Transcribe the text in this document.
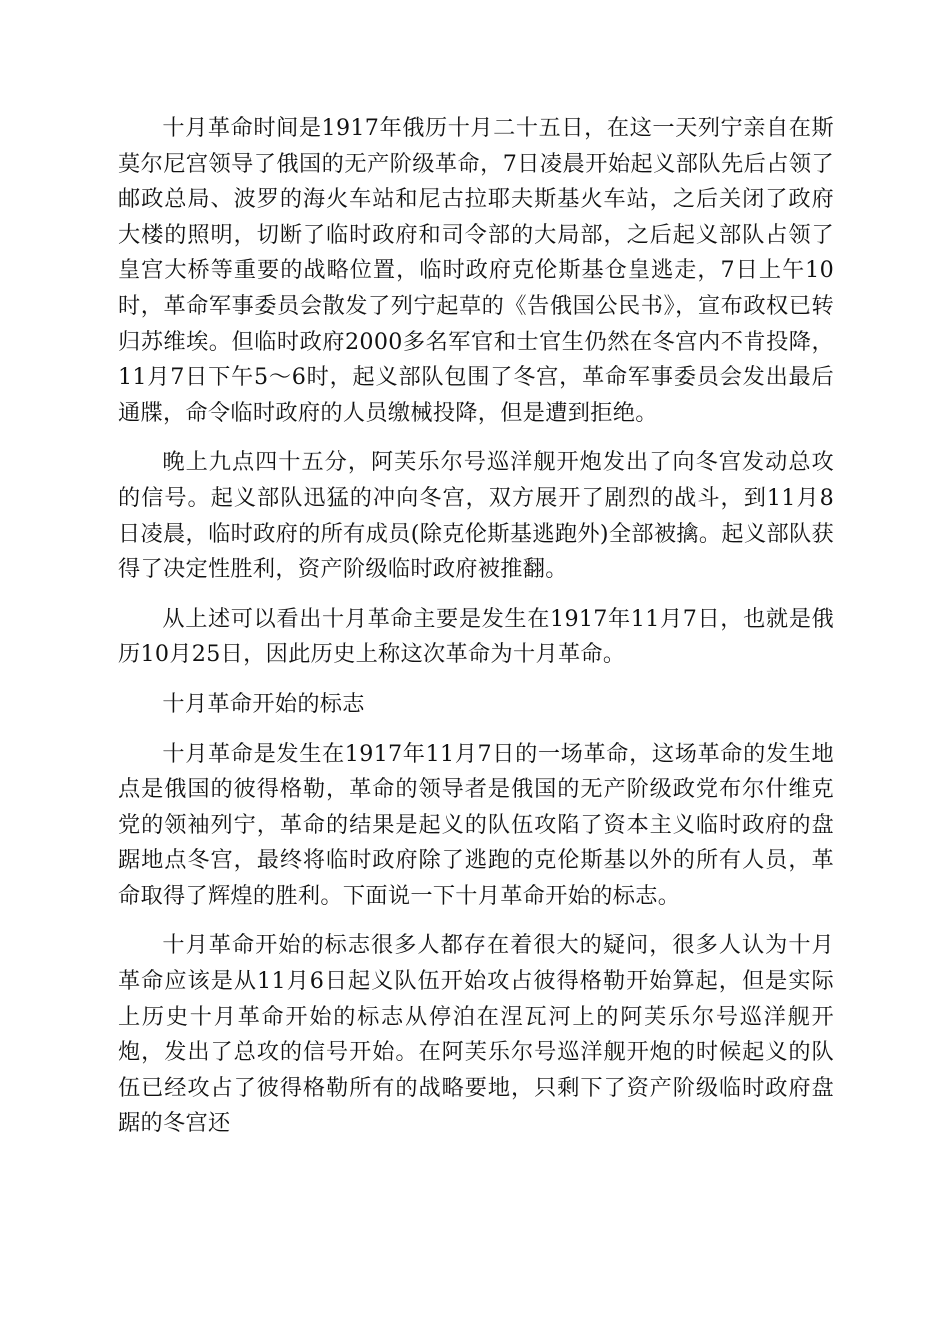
十月革命时间是1917年俄历十月二十五日，在这一天列宁亲自在斯莫尔尼宫领导了俄国的无产阶级革命，7日凌晨开始起义部队先后占领了邮政总局、波罗的海火车站和尼古拉耶夫斯基火车站，之后关闭了政府大楼的照明，切断了临时政府和司令部的大局部，之后起义部队占领了皇宫大桥等重要的战略位置，临时政府克伦斯基仓皇逃走，7日上午10时，革命军事委员会散发了列宁起草的《告俄国公民书》，宣布政权已转归苏维埃。但临时政府2000多名军官和士官生仍然在冬宫内不肯投降，11月7日下午5～6时，起义部队包围了冬宫，革命军事委员会发出最后通牒，命令临时政府的人员缴械投降，但是遭到拒绝。

晚上九点四十五分，阿芙乐尔号巡洋舰开炮发出了向冬宫发动总攻的信号。起义部队迅猛的冲向冬宫，双方展开了剧烈的战斗，到11月8日凌晨，临时政府的所有成员(除克伦斯基逃跑外)全部被擒。起义部队获得了决定性胜利，资产阶级临时政府被推翻。

从上述可以看出十月革命主要是发生在1917年11月7日，也就是俄历10月25日，因此历史上称这次革命为十月革命。

十月革命开始的标志

十月革命是发生在1917年11月7日的一场革命，这场革命的发生地点是俄国的彼得格勒，革命的领导者是俄国的无产阶级政党布尔什维克党的领袖列宁，革命的结果是起义的队伍攻陷了资本主义临时政府的盘踞地点冬宫，最终将临时政府除了逃跑的克伦斯基以外的所有人员，革命取得了辉煌的胜利。下面说一下十月革命开始的标志。

十月革命开始的标志很多人都存在着很大的疑问，很多人认为十月革命应该是从11月6日起义队伍开始攻占彼得格勒开始算起，但是实际上历史十月革命开始的标志从停泊在涅瓦河上的阿芙乐尔号巡洋舰开炮，发出了总攻的信号开始。在阿芙乐尔号巡洋舰开炮的时候起义的队伍已经攻占了彼得格勒所有的战略要地，只剩下了资产阶级临时政府盘踞的冬宫还
